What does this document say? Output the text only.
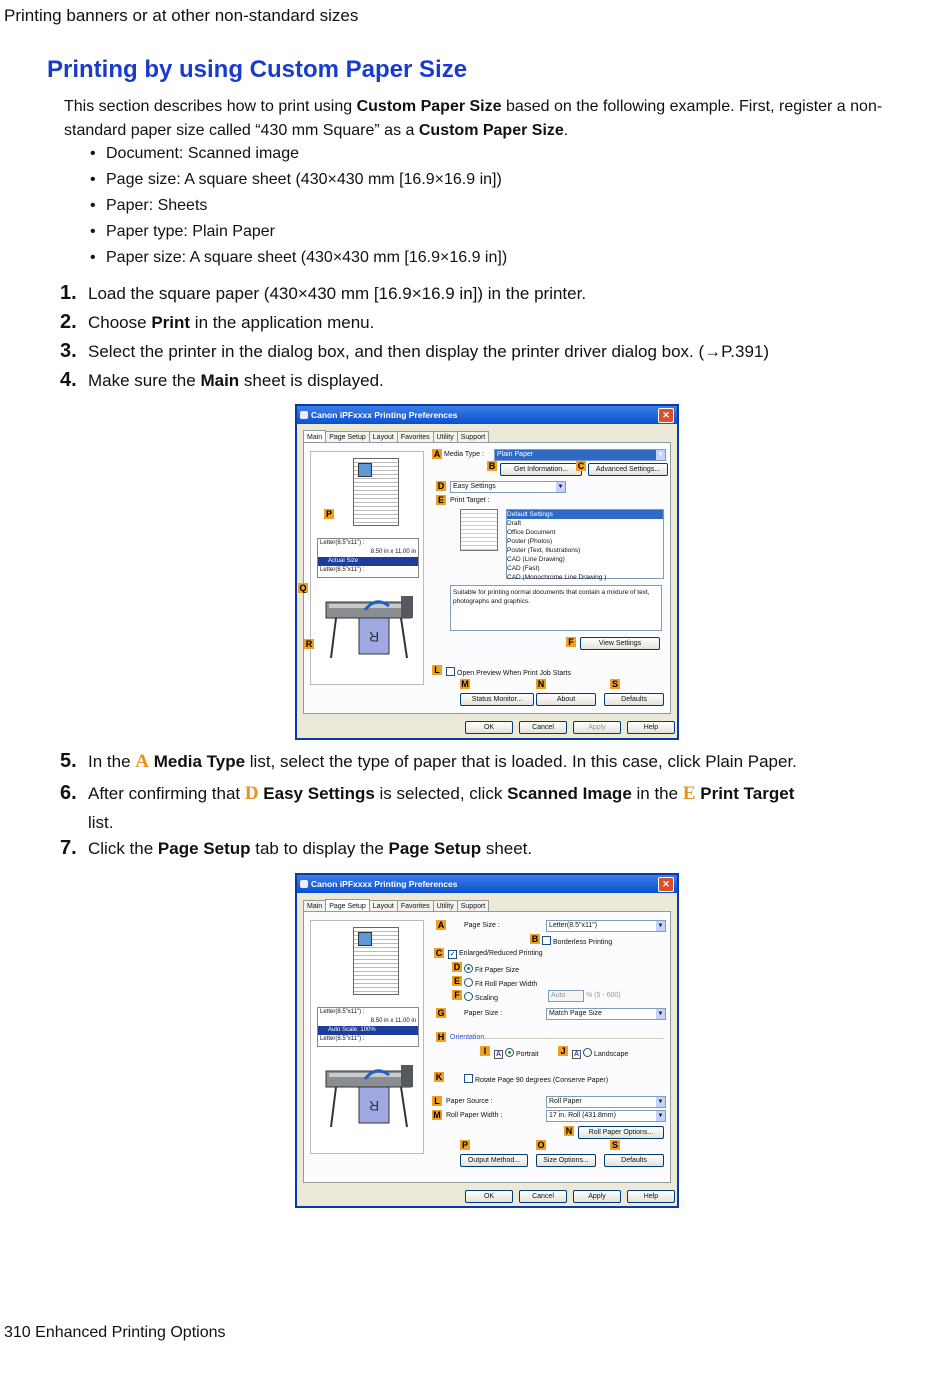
Printing banners or at other non-standard sizes
Printing by using Custom Paper Size
This section describes how to print using Custom Paper Size based on the following example. First, register a non-standard paper size called “430 mm Square” as a Custom Paper Size.
• Document: Scanned image
• Page size: A square sheet (430×430 mm [16.9×16.9 in])
• Paper: Sheets
• Paper type: Plain Paper
• Paper size: A square sheet (430×430 mm [16.9×16.9 in])
1. Load the square paper (430×430 mm [16.9×16.9 in]) in the printer.
2. Choose Print in the application menu.
3. Select the printer in the dialog box, and then display the printer driver dialog box. (→P.391)
4. Make sure the Main sheet is displayed.
Canon iPFxxxx Printing Preferences	✕
Main Page Setup Layout Favorites Utility Support
Letter(8.5"x11") :
8.50 in x 11.00 in
Actual Size
Letter(8.5"x11") :
R
P
Q
R
A Media Type :	Plain Paper	▼
B	Get Information...	C	Advanced Settings...
D	Easy Settings	▼
E Print Target :
Default Settings
Draft
Office Document
Poster (Photos)
Poster (Text, Illustrations)
CAD (Line Drawing)
CAD (Fast)
CAD (Monochrome Line Drawing )
Suitable for printing normal documents that contain a mixture of text, photographs and graphics.
F	View Settings
L	Open Preview When Print Job Starts
M	N	S
Status Monitor...	About	Defaults
OK	Cancel	Apply	Help
5. In the A Media Type list, select the type of paper that is loaded. In this case, click Plain Paper.
6. After confirming that D Easy Settings is selected, click Scanned Image in the E Print Target
list.
7. Click the Page Setup tab to display the Page Setup sheet.
Canon iPFxxxx Printing Preferences	✕
Main Page Setup Layout Favorites Utility Support
Letter(8.5"x11") :
8.50 in x 11.00 in
Auto Scale: 100%
Letter(8.5"x11") :
R
A	Page Size :	Letter(8.5"x11")	▼
B	Borderless Printing
C ✓ Enlarged/Reduced Printing
D	Fit Paper Size
E	Fit Roll Paper Width
F	Scaling	Auto	% (5 - 600)
G	Paper Size :	Match Page Size	▼
H Orientation
I	A Portrait J	A Landscape
K	Rotate Page 90 degrees (Conserve Paper)
L Paper Source :	Roll Paper	▼
M Roll Paper Width :	17 in. Roll (431.8mm)	▼
N	Roll Paper Options...
P	O	S
Output Method...	Size Options...	Defaults
OK	Cancel	Apply	Help
310 Enhanced Printing Options
